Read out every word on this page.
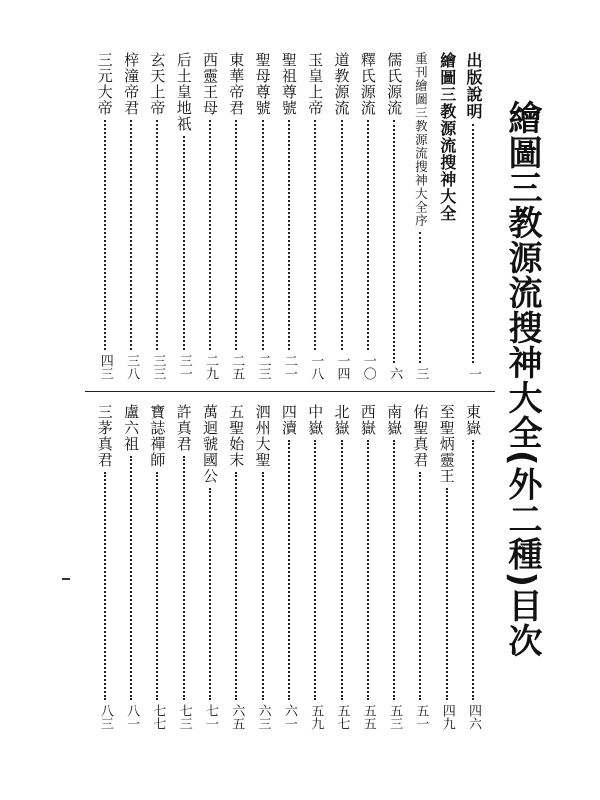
繪圖三教源流搜神大全(外二種)目次
出版說明
一
繪圖三教源流搜神大全
重刊繪圖三教源流搜神大全序
三
儒氏源流
六
釋氏源流
一〇
道教源流
一四
玉皇上帝
一八
聖祖尊號
二一
聖母尊號
二三
東華帝君
二五
西靈王母
二九
后土皇地祇
三一
玄天上帝
三三
梓潼帝君
三八
三元大帝
四三
東嶽
四六
至聖炳靈王
四九
佑聖真君
五一
南嶽
五三
西嶽
五五
北嶽
五七
中嶽
五九
四瀆
六一
泗州大聖
六三
五聖始末
六五
萬迴虢國公
七一
許真君
七三
寶誌禪師
七七
盧六祖
八一
三茅真君
八三
